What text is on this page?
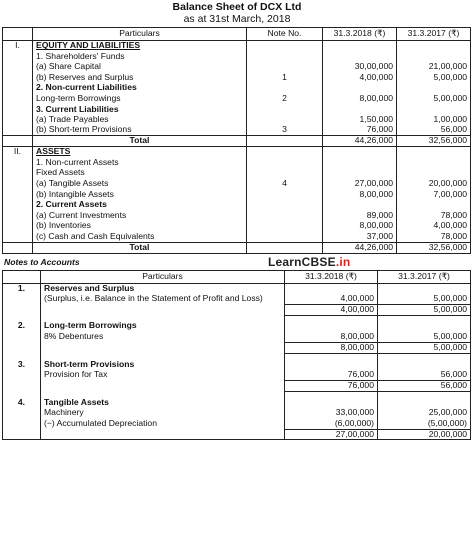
Balance Sheet of DCX Ltd
as at 31st March, 2018
	Particulars	Note No.	31.3.2018 (₹)	31.3.2017 (₹)
I.	EQUITY AND LIABILITIES			
	1. Shareholders' Funds			
	(a) Share Capital		30,00,000	21,00,000
	(b) Reserves and Surplus	1	4,00,000	5,00,000
	2. Non-current Liabilities			
	Long-term Borrowings	2	8,00,000	5,00,000
	3. Current Liabilities			
	(a) Trade Payables		1,50,000	1,00,000
	(b) Short-term Provisions	3	76,000	56,000
	Total		44,26,000	32,56,000
II.	ASSETS			
	1. Non-current Assets			
	Fixed Assets			
	(a) Tangible Assets	4	27,00,000	20,00,000
	(b) Intangible Assets		8,00,000	7,00,000
	2. Current Assets			
	(a) Current Investments		89,000	78,000
	(b) Inventories		8,00,000	4,00,000
	(c) Cash and Cash Equivalents		37,000	78,000
	Total		44,26,000	32,56,000
Notes to Accounts	LearnCBSE.in
	Particulars	31.3.2018 (₹)	31.3.2017 (₹)
1.	Reserves and Surplus		
	(Surplus, i.e. Balance in the Statement of Profit and Loss)	4,00,000	5,00,000
		4,00,000	5,00,000

2.	Long-term Borrowings		
	8% Debentures	8,00,000	5,00,000
		8,00,000	5,00,000

3.	Short-term Provisions		
	Provision for Tax	76,000	56,000
		76,000	56,000

4.	Tangible Assets		
	Machinery	33,00,000	25,00,000
	(−) Accumulated Depreciation	(6,00,000)	(5,00,000)
		27,00,000	20,00,000
